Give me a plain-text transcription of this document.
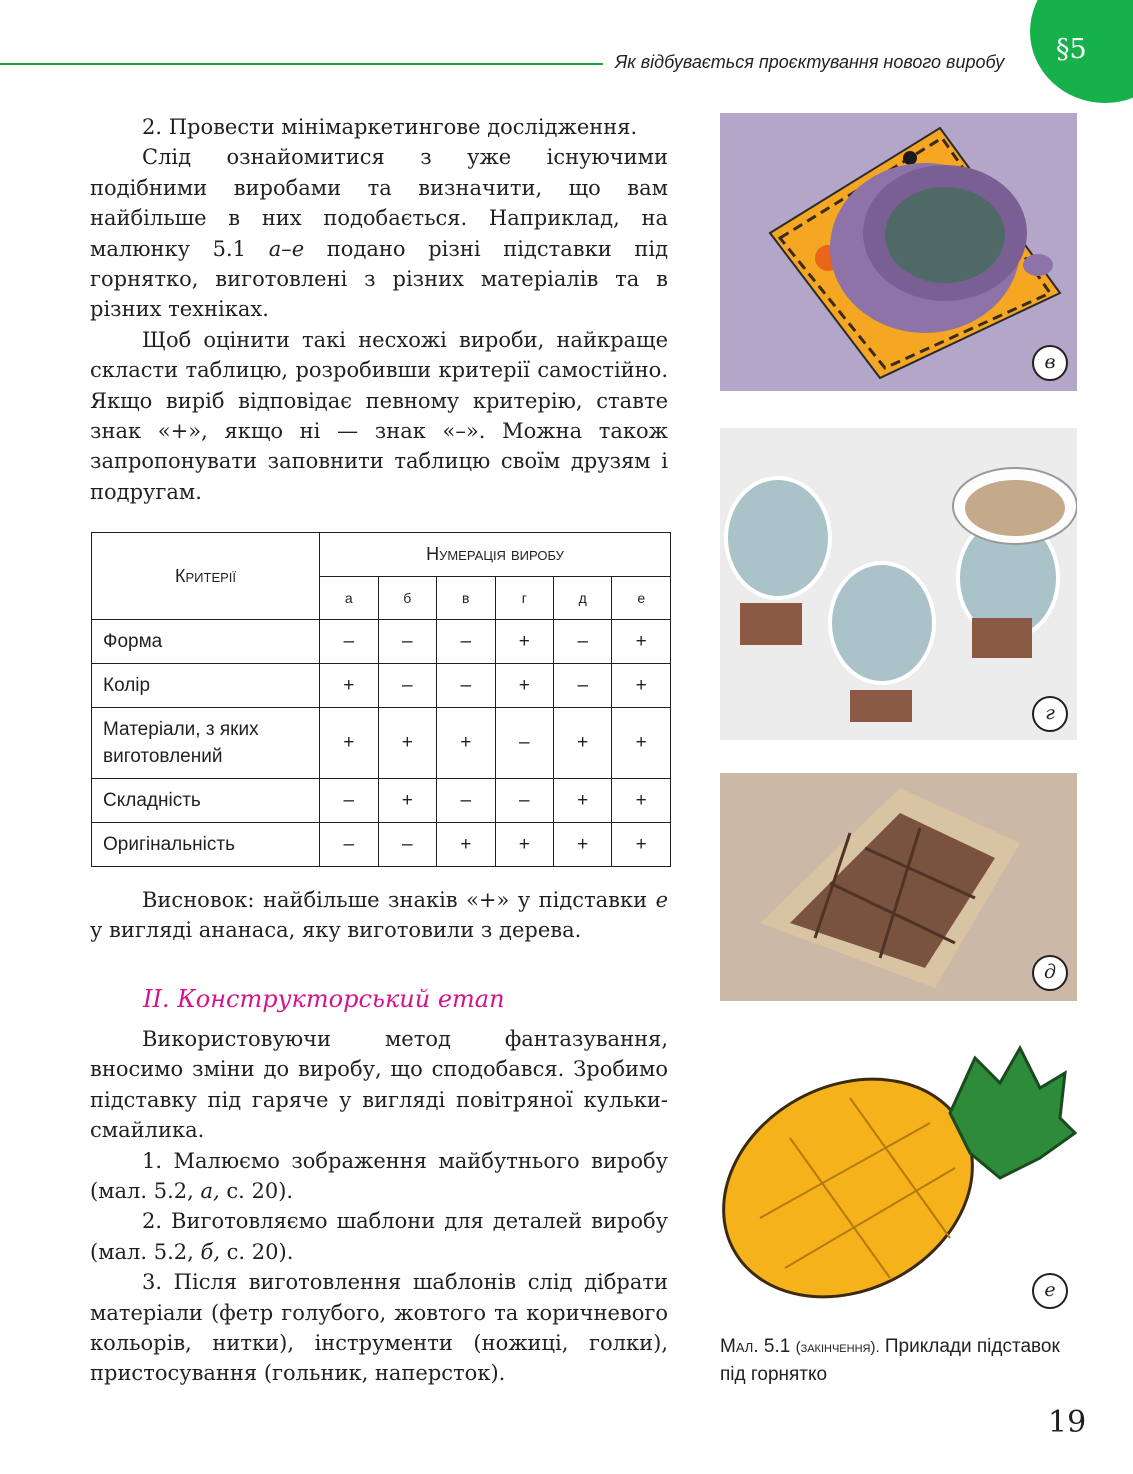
Як відбувається проєктування нового виробу	§5

2. Провести мінімаркетингове дослідження.

Слід ознайомитися з уже існуючими подібними виробами та визначити, що вам найбільше в них подобається. Наприклад, на малюнку 5.1 а–е подано різні підставки під горнятко, виготовлені з різних матеріалів та в різних техніках.

Щоб оцінити такі несхожі вироби, найкраще скласти таблицю, розробивши критерії самостійно. Якщо виріб відповідає певному критерію, ставте знак «+», якщо ні — знак «–». Можна також запропонувати заповнити таблицю своїм друзям і подругам.

Критерії	Нумерація виробу					
	а	б	в	г	д	е
Форма	–	–	–	+	–	+
Колір	+	–	–	+	–	+
Матеріали, з яких виготовлений	+	+	+	–	+	+
Складність	–	+	–	–	+	+
Оригінальність	–	–	+	+	+	+

Висновок: найбільше знаків «+» у підставки е у вигляді ананаса, яку виготовили з дерева.

ІІ. Конструкторський етап

Використовуючи метод фантазування, вносимо зміни до виробу, що сподобався. Зробимо підставку під гаряче у вигляді повітряної кульки-смайлика.

1. Малюємо зображення майбутнього виробу (мал. 5.2, а, с. 20).

2. Виготовляємо шаблони для деталей виробу (мал. 5.2, б, с. 20).

3. Після виготовлення шаблонів слід дібрати матеріали (фетр голубого, жовтого та коричневого кольорів, нитки), інструменти (ножиці, голки), пристосування (гольник, наперсток).

в
г
д
е
Мал. 5.1 (закінчення). Приклади підставок під горнятко
19
